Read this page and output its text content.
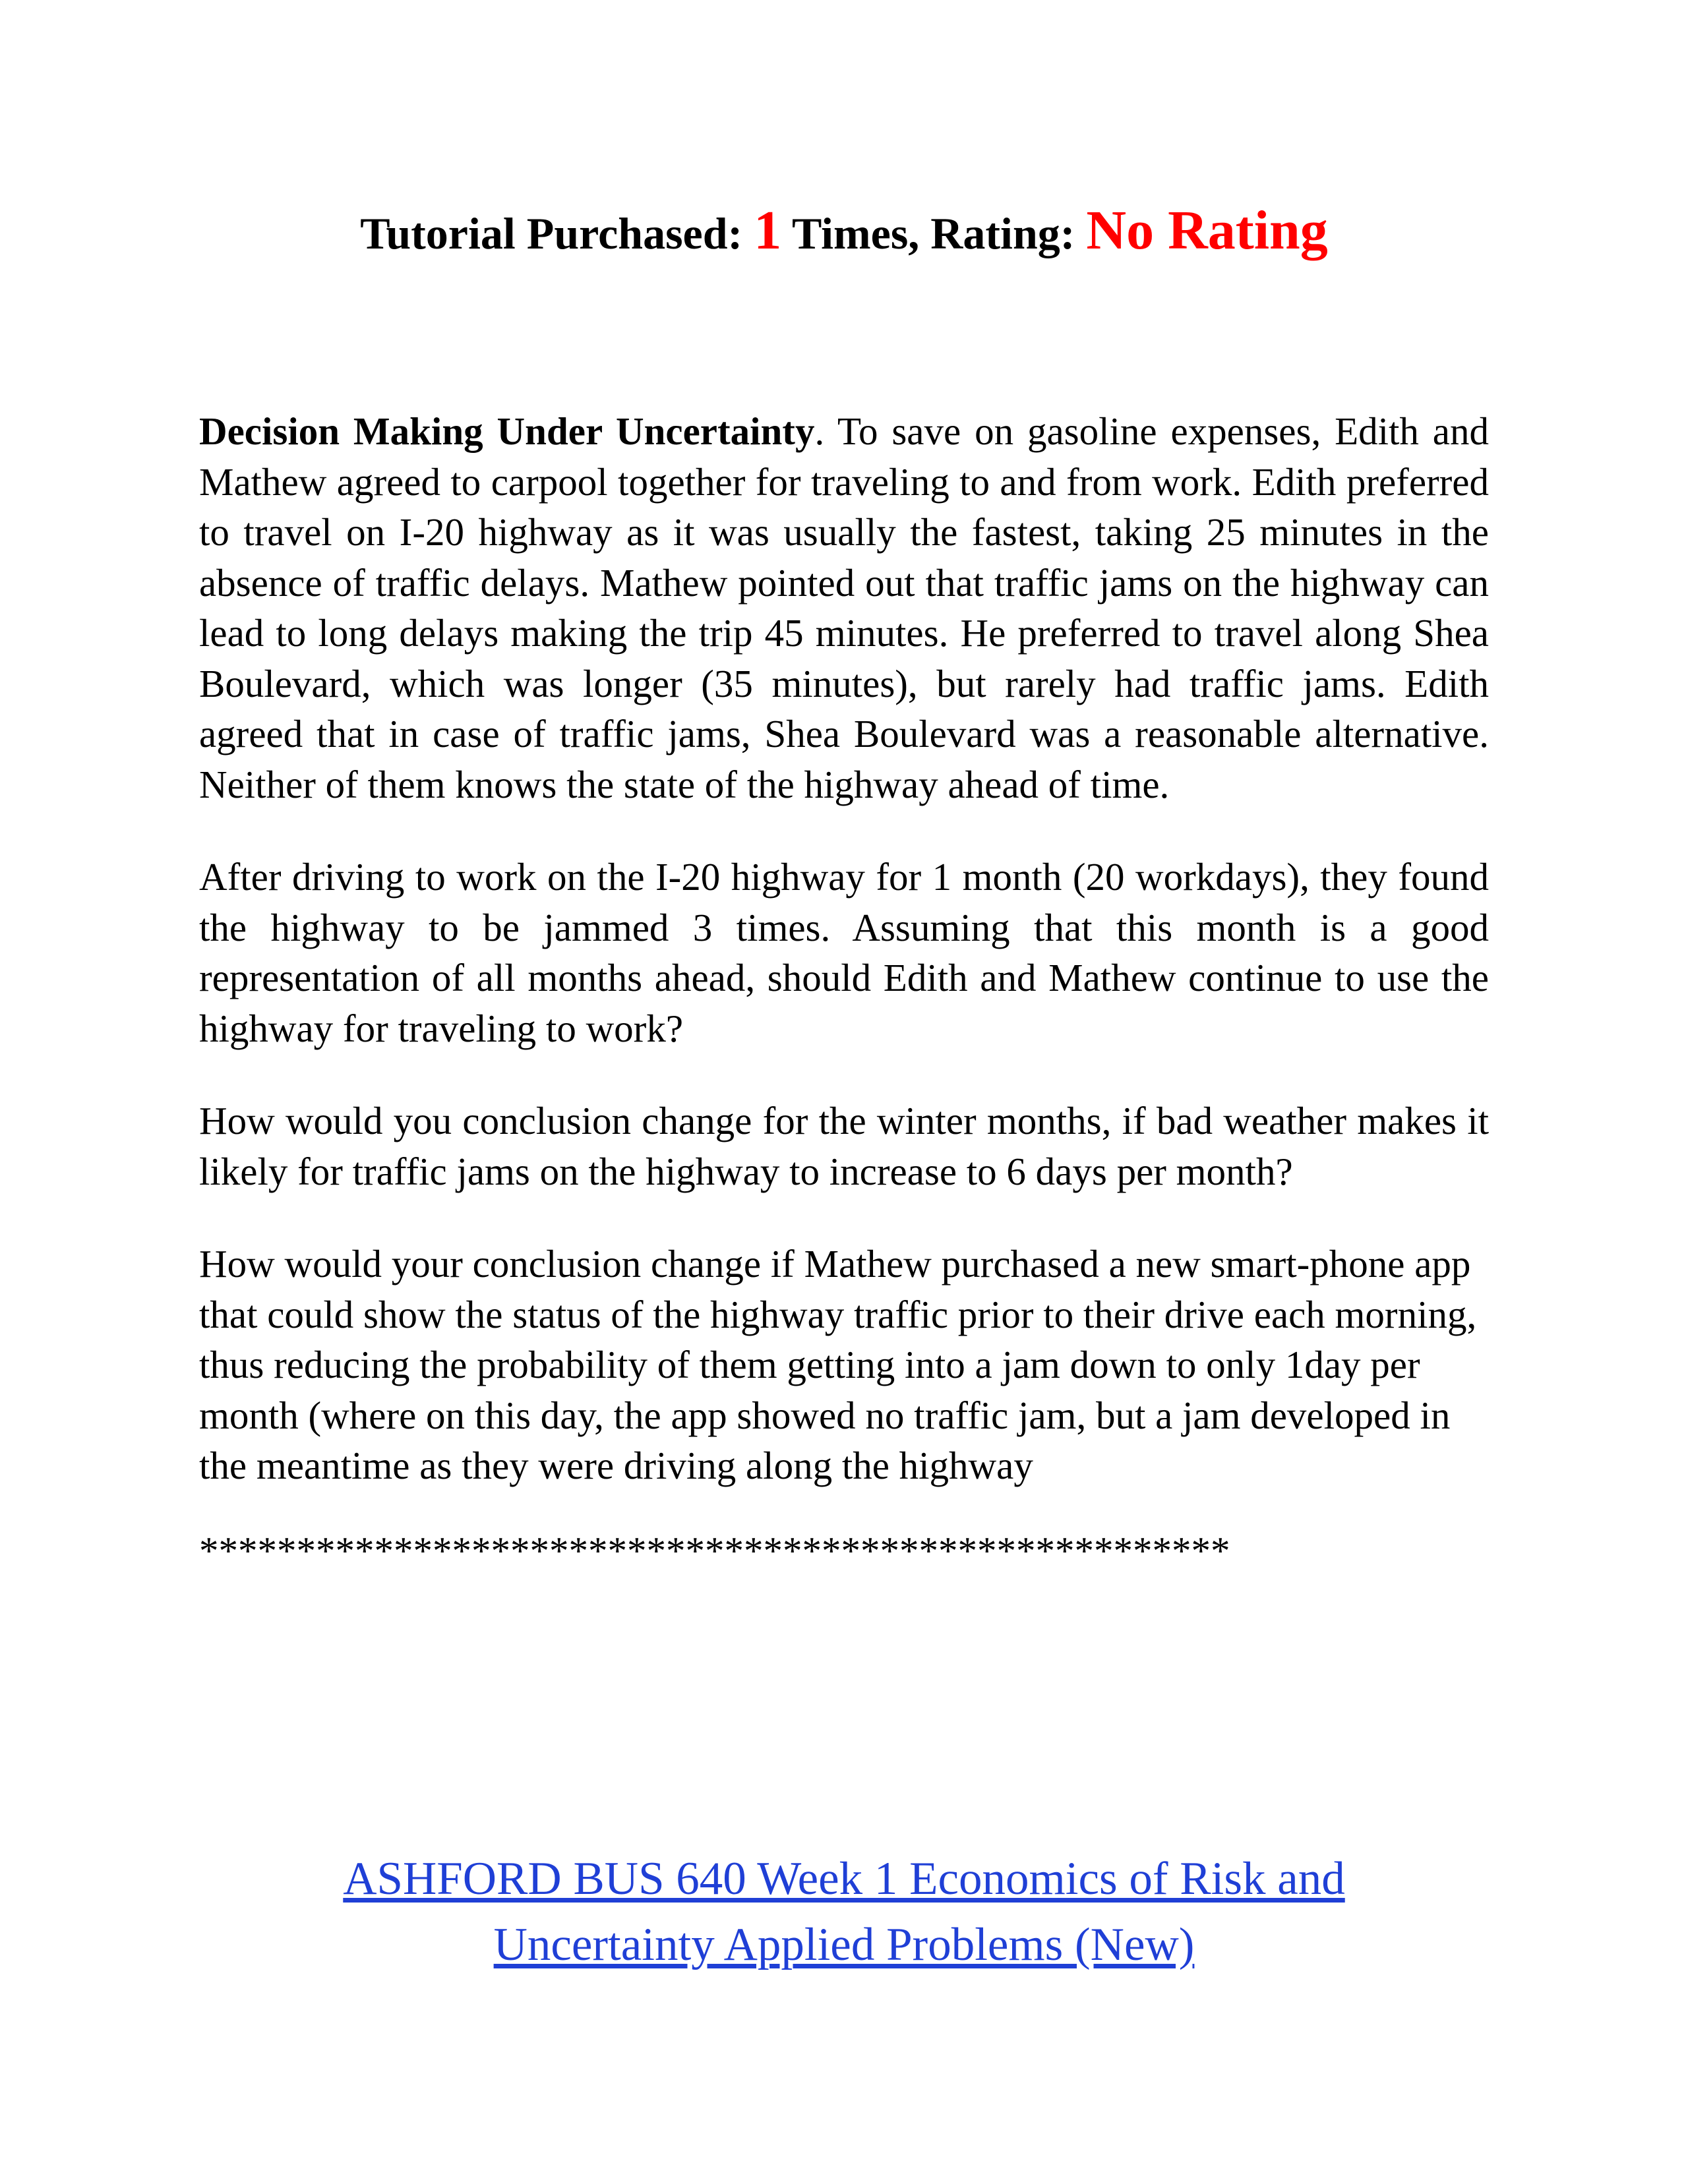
Tutorial Purchased: 1 Times, Rating: No Rating

Decision Making Under Uncertainty. To save on gasoline expenses, Edith and Mathew agreed to carpool together for traveling to and from work. Edith preferred to travel on I-20 highway as it was usually the fastest, taking 25 minutes in the absence of traffic delays. Mathew pointed out that traffic jams on the highway can lead to long delays making the trip 45 minutes. He preferred to travel along Shea Boulevard, which was longer (35 minutes), but rarely had traffic jams. Edith agreed that in case of traffic jams, Shea Boulevard was a reasonable alternative. Neither of them knows the state of the highway ahead of time.

After driving to work on the I-20 highway for 1 month (20 workdays), they found the highway to be jammed 3 times. Assuming that this month is a good representation of all months ahead, should Edith and Mathew continue to use the highway for traveling to work?

How would you conclusion change for the winter months, if bad weather makes it likely for traffic jams on the highway to increase to 6 days per month?

How would your conclusion change if Mathew purchased a new smart-phone app that could show the status of the highway traffic prior to their drive each morning, thus reducing the probability of them getting into a jam down to only 1day per month (where on this day, the app showed no traffic jam, but a jam developed in the meantime as they were driving along the highway

*****************************************************
ASHFORD BUS 640 Week 1 Economics of Risk and
Uncertainty Applied Problems (New)
